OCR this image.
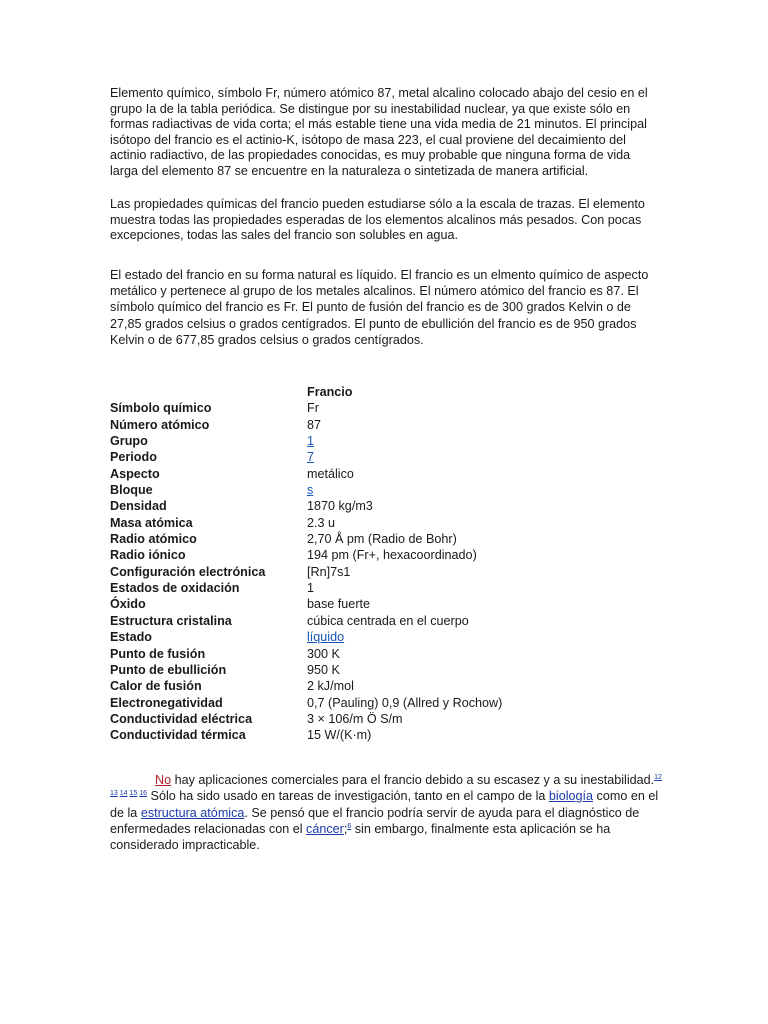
Elemento químico, símbolo Fr, número atómico 87, metal alcalino colocado abajo del cesio en el grupo Ia de la tabla periódica. Se distingue por su inestabilidad nuclear, ya que existe sólo en formas radiactivas de vida corta; el más estable tiene una vida media de 21 minutos. El principal isótopo del francio es el actinio-K, isótopo de masa 223, el cual proviene del decaimiento del actinio radiactivo, de las propiedades conocidas, es muy probable que ninguna forma de vida larga del elemento 87 se encuentre en la naturaleza o sintetizada de manera artificial.

Las propiedades químicas del francio pueden estudiarse sólo a la escala de trazas. El elemento muestra todas las propiedades esperadas de los elementos alcalinos más pesados. Con pocas excepciones, todas las sales del francio son solubles en agua.

El estado del francio en su forma natural es líquido. El francio es un elmento químico de aspecto metálico y pertenece al grupo de los metales alcalinos. El número atómico del francio es 87. El símbolo químico del francio es Fr. El punto de fusión del francio es de 300 grados Kelvin o de 27,85 grados celsius o grados centígrados. El punto de ebullición del francio es de 950 grados Kelvin o de 677,85 grados celsius o grados centígrados.

	Francio
Símbolo químico	Fr
Número atómico	87
Grupo	1
Periodo	7
Aspecto	metálico
Bloque	s
Densidad	1870 kg/m3
Masa atómica	2.3 u
Radio atómico	2,70 Å pm (Radio de Bohr)
Radio iónico	194 pm (Fr+, hexacoordinado)
Configuración electrónica	[Rn]7s1
Estados de oxidación	1
Óxido	base fuerte
Estructura cristalina	cúbica centrada en el cuerpo
Estado	líquido
Punto de fusión	300 K
Punto de ebullición	950 K
Calor de fusión	2 kJ/mol
Electronegatividad	0,7 (Pauling) 0,9 (Allred y Rochow)
Conductividad eléctrica	3 × 106/m Ö S/m
Conductividad térmica	15 W/(K·m)
No hay aplicaciones comerciales para el francio debido a su escasez y a su inestabilidad.$^{12 13 14 15 16}$ Sólo ha sido usado en tareas de investigación, tanto en el campo de la biología como en el de la estructura atómica. Se pensó que el francio podría servir de ayuda para el diagnóstico de enfermedades relacionadas con el cáncer;$^6$ sin embargo, finalmente esta aplicación se ha considerado impracticable.
